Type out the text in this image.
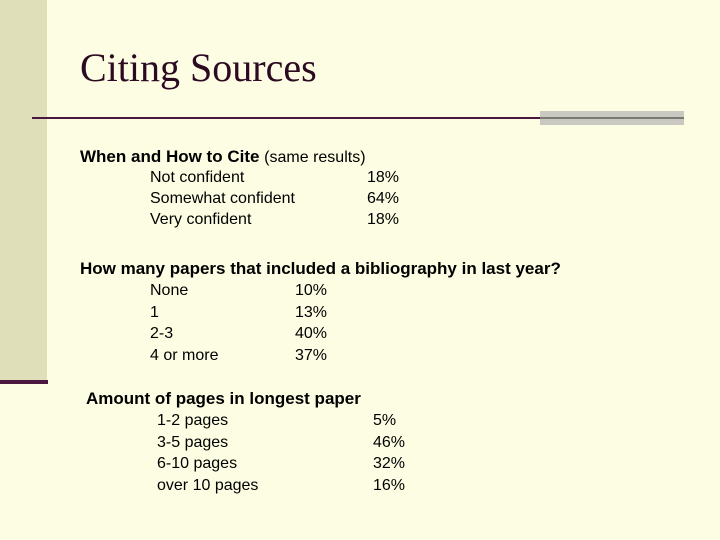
Citing Sources
When and How to Cite (same results)
Not confident	18%
Somewhat confident	64%
Very confident	18%
How many papers that included a bibliography in last year?
None	10%
1	13%
2-3	40%
4 or more	37%
Amount of pages in longest paper
1-2 pages	5%
3-5 pages	46%
6-10 pages	32%
over 10 pages	16%
